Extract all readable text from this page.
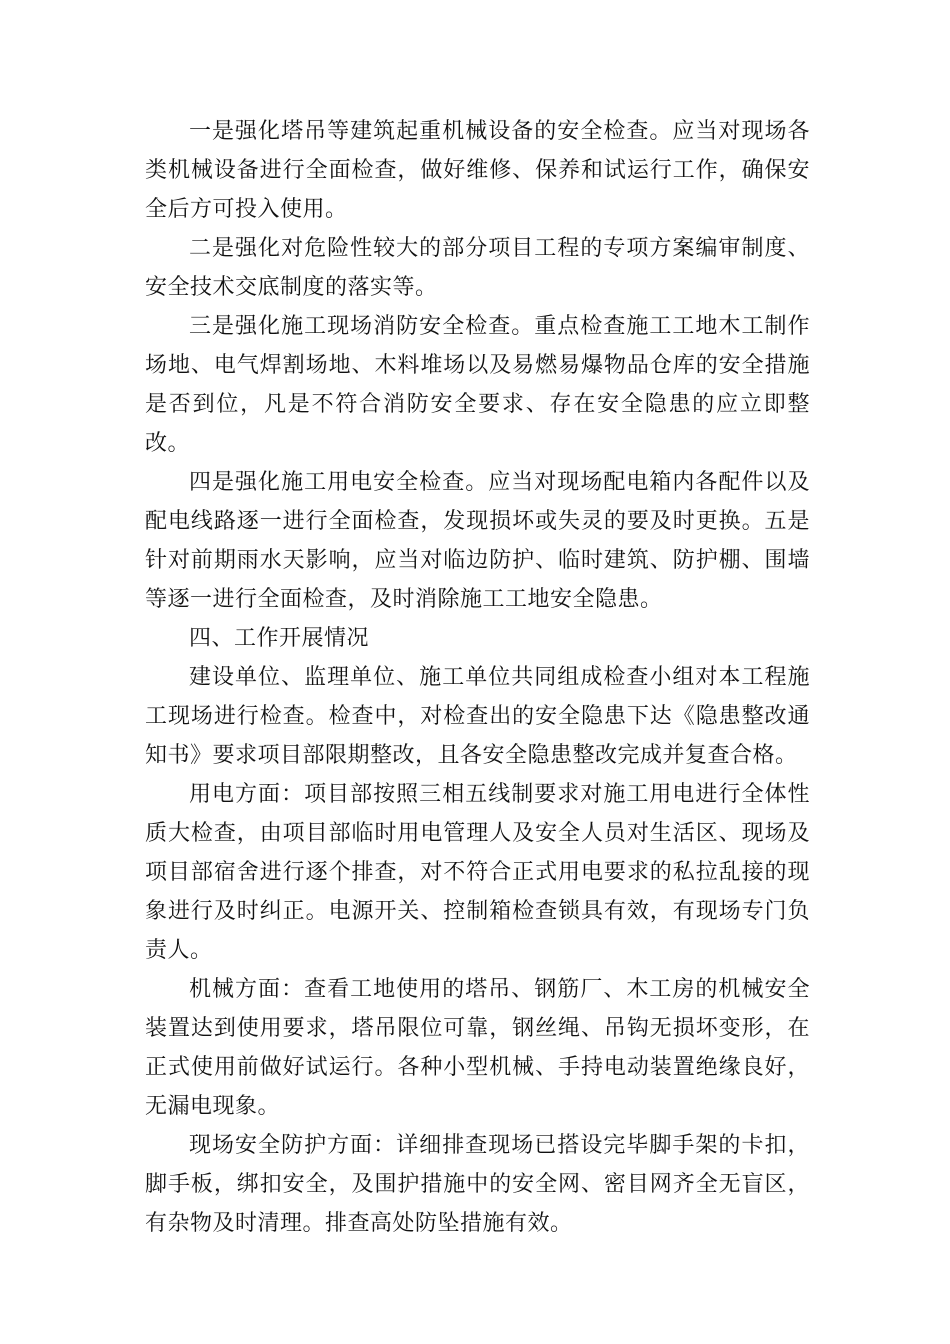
一是强化塔吊等建筑起重机械设备的安全检查。应当对现场各类机械设备进行全面检查，做好维修、保养和试运行工作，确保安全后方可投入使用。

二是强化对危险性较大的部分项目工程的专项方案编审制度、安全技术交底制度的落实等。

三是强化施工现场消防安全检查。重点检查施工工地木工制作场地、电气焊割场地、木料堆场以及易燃易爆物品仓库的安全措施是否到位，凡是不符合消防安全要求、存在安全隐患的应立即整改。

四是强化施工用电安全检查。应当对现场配电箱内各配件以及配电线路逐一进行全面检查，发现损坏或失灵的要及时更换。五是针对前期雨水天影响，应当对临边防护、临时建筑、防护棚、围墙等逐一进行全面检查，及时消除施工工地安全隐患。

四、工作开展情况

建设单位、监理单位、施工单位共同组成检查小组对本工程施工现场进行检查。检查中，对检查出的安全隐患下达《隐患整改通知书》要求项目部限期整改，且各安全隐患整改完成并复查合格。

用电方面：项目部按照三相五线制要求对施工用电进行全体性质大检查，由项目部临时用电管理人及安全人员对生活区、现场及项目部宿舍进行逐个排查，对不符合正式用电要求的私拉乱接的现象进行及时纠正。电源开关、控制箱检查锁具有效，有现场专门负责人。

机械方面：查看工地使用的塔吊、钢筋厂、木工房的机械安全装置达到使用要求，塔吊限位可靠，钢丝绳、吊钩无损坏变形，在正式使用前做好试运行。各种小型机械、手持电动装置绝缘良好，无漏电现象。

现场安全防护方面：详细排查现场已搭设完毕脚手架的卡扣，脚手板，绑扣安全，及围护措施中的安全网、密目网齐全无盲区，有杂物及时清理。排查高处防坠措施有效。
